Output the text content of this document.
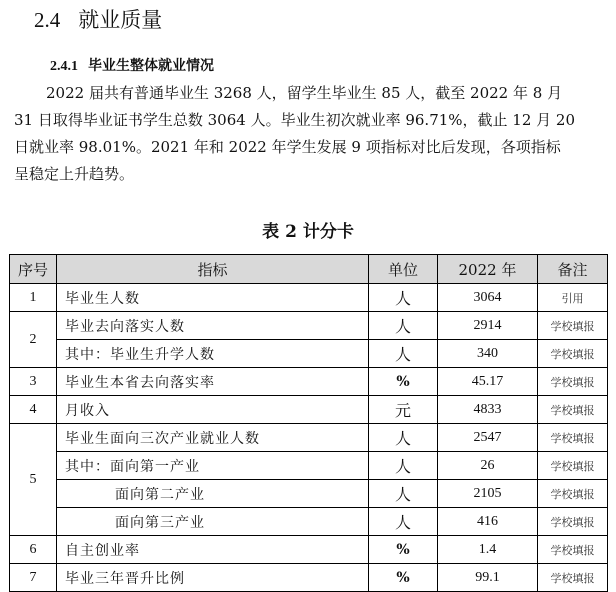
2.4 就业质量
2.4.1 毕业生整体就业情况
2022 届共有普通毕业生 3268 人，留学生毕业生 85 人，截至 2022 年 8 月
31 日取得毕业证书学生总数 3064 人。毕业生初次就业率 96.71%，截止 12 月 20
日就业率 98.01%。2021 年和 2022 年学生发展 9 项指标对比后发现，各项指标
呈稳定上升趋势。
表 2 计分卡
序号	指标	单位	2022 年	备注
1	毕业生人数	人	3064	引用
2	毕业去向落实人数	人	2914	学校填报
	其中：毕业生升学人数	人	340	学校填报
3	毕业生本省去向落实率	%	45.17	学校填报
4	月收入	元	4833	学校填报
5	毕业生面向三次产业就业人数	人	2547	学校填报
	其中：面向第一产业	人	26	学校填报
	面向第二产业	人	2105	学校填报
	面向第三产业	人	416	学校填报
6	自主创业率	%	1.4	学校填报
7	毕业三年晋升比例	%	99.1	学校填报
